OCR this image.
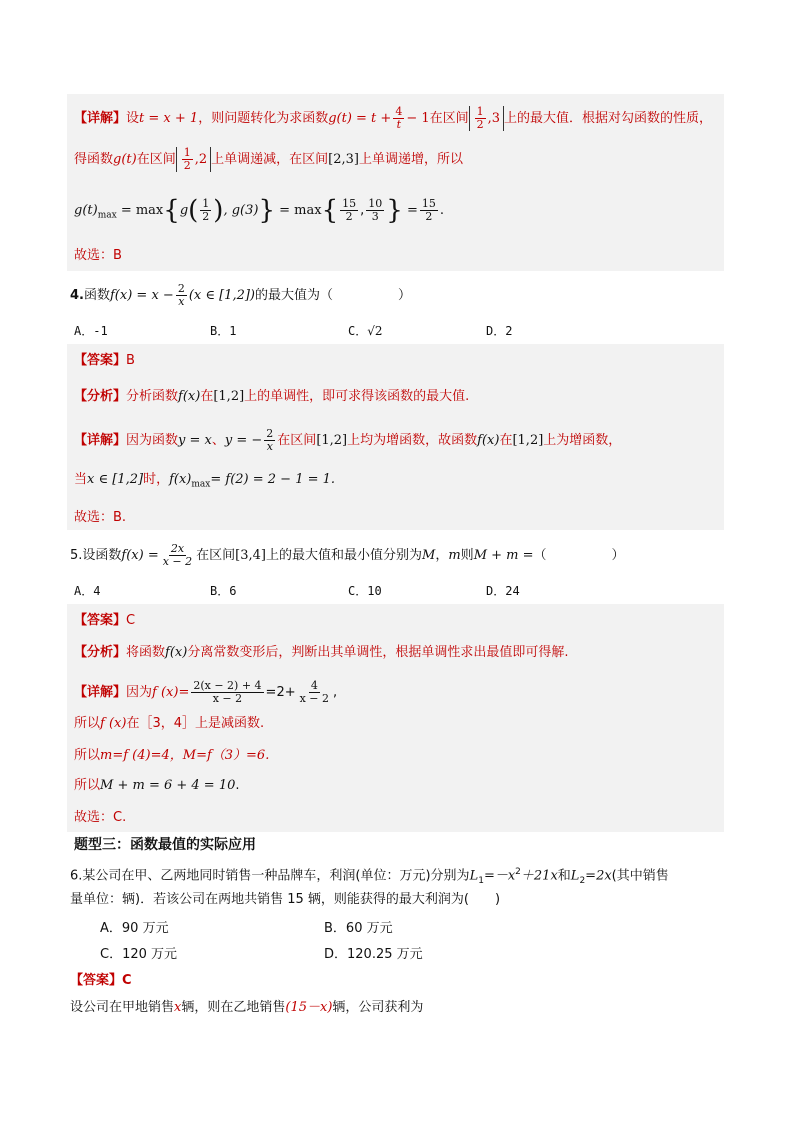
【详解】设t = x + 1，则问题转化为求函数$g(t) = t + \frac{4}{t} - 1$在区间 $\frac{1}{2} ,3$ 上的最大值．根据对勾函数的性质，
得函数g(t)在区间 $\frac{1}{2} ,2$ 上单调递减，在区间[2,3]上单调递增，所以
$g(t)_{max} = \max\{g( \frac{1}{2}$ ), $g(3)\} = \max\{ \frac{15}{2}$ , $\frac{10}{3}$ } = $\frac{15}{2}$ .
故选：B
4.函数$f(x) = x - \frac{2}{x} (x$ ∈ [1,2])的最大值为（　　　　　）
A．-1	B．1	C．√2	D．2
【答案】B
【分析】分析函数f(x)在[1,2]上的单调性，即可求得该函数的最大值.
【详解】因为函数y = x、y = − $\frac{2}{x}$ 在区间[1,2]上均为增函数，故函数f(x)在[1,2]上为增函数，
当x ∈ [1,2]时，$f(x)_{max}= f(2) = 2 - 1 = 1$.
故选：B.
5.设函数$f(x) = \frac{2x}{x - 2}$ 在区间[3,4]上的最大值和最小值分别为M，m则M + m =（　　　　　）
A．4	B．6	C．10	D．24
【答案】C
【分析】将函数f(x)分离常数变形后，判断出其单调性，根据单调性求出最值即可得解.
【详解】因为f $(x)= \frac{2(x - 2) + 4}{x - 2} =2+ \frac{4}{x - 2}$ ,
所以f (x)在［3，4］上是减函数.
所以m=f (4)=4，M=f（3）=6.
所以M + m = 6 + 4 = 10.
故选：C.
题型三：函数最值的实际应用
6.某公司在甲、乙两地同时销售一种品牌车，利润(单位：万元)分别为$L_1=-x^2+21x$和$L_2=2x$(其中销售
量单位：辆)．若该公司在两地共销售 15 辆，则能获得的最大利润为(　　)
A．90 万元	B．60 万元
C．120 万元	D．120.25 万元
【答案】C
设公司在甲地销售x辆，则在乙地销售(15－x)辆，公司获利为
